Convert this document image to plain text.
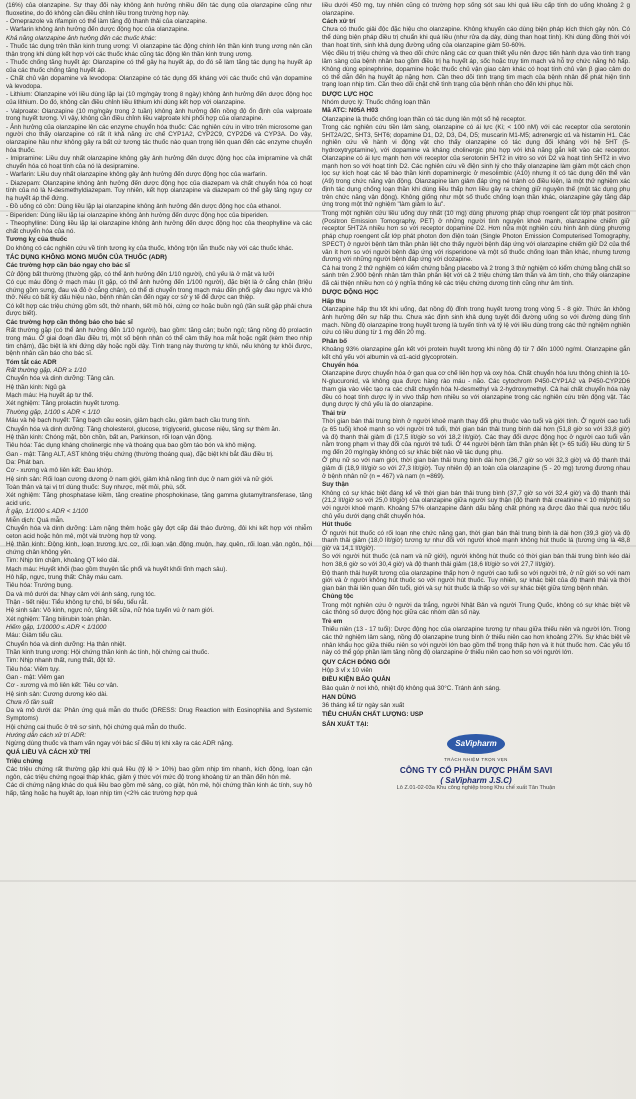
(16%) của olanzapine. Sự thay đổi này không ảnh hưởng nhiều đến tác dụng của olanzapine cũng như fluoxetine, do đó không cần điều chỉnh liều trong trường hợp này.

- Omeprazole và rifampin có thể làm tăng độ thanh thải của olanzapine.

- Warfarin không ảnh hưởng đến dược động học của olanzapine.

Khả năng olanzapine ảnh hưởng đến các thuốc khác:

- Thuốc tác dụng trên thần kinh trung ương: Vì olanzapine tác động chính lên thần kinh trung ương nên cần thận trọng khi dùng kết hợp với các thuốc khác cũng tác động lên thần kinh trung ương.

- Thuốc chống tăng huyết áp: Olanzapine có thể gây hạ huyết áp, do đó sẽ làm tăng tác dụng hạ huyết áp của các thuốc chống tăng huyết áp.

- Chất chủ vận dopamine và levodopa: Olanzapine có tác dụng đối kháng với các thuốc chủ vận dopamine và levodopa.

- Lithium: Olanzapine với liều dùng lặp lại (10 mg/ngày trong 8 ngày) không ảnh hưởng đến dược động học của lithium. Do đó, không cần điều chỉnh liều lithium khi dùng kết hợp với olanzapine.

- Valproate: Olanzapine (10 mg/ngày trong 2 tuần) không ảnh hưởng đến nồng độ ổn định của valproate trong huyết tương. Vì vậy, không cần điều chỉnh liều valproate khi phối hợp của olanzapine.

- Ảnh hưởng của olanzapine lên các enzyme chuyển hóa thuốc: Các nghiên cứu in vitro trên microsome gan người cho thấy olanzapine có rất ít khả năng ức chế CYP1A2, CYP2C9, CYP2D6 và CYP3A. Do vậy, olanzapine hầu như không gây ra bất cứ tương tác thuốc nào quan trọng liên quan đến các enzyme chuyển hóa thuốc.

- Imipramine: Liều duy nhất olanzapine không gây ảnh hưởng đến dược động học của imipramine và chất chuyển hóa có hoạt tính của nó là desipramine.

- Warfarin: Liều duy nhất olanzapine không gây ảnh hưởng đến dược động học của warfarin.

- Diazepam: Olanzapine không ảnh hưởng đến dược động học của diazepam và chất chuyển hóa có hoạt tính của nó là N-desmethyldiazepam. Tuy nhiên, kết hợp olanzapine và diazepam có thể gây tăng nguy cơ hạ huyết áp thế đứng.

- Đồ uống có cồn: Dùng liều lặp lại olanzapine không ảnh hưởng đến dược động học của ethanol.

- Biperiden: Dùng liều lặp lại olanzapine không ảnh hưởng đến dược động học của biperiden.

- Theophylline: Dùng liều lặp lại olanzapine không ảnh hưởng đến dược động học của theophylline và các chất chuyển hóa của nó.

Tương kỵ của thuốc

Do không có các nghiên cứu về tính tương kỵ của thuốc, không trộn lẫn thuốc này với các thuốc khác.

TÁC DỤNG KHÔNG MONG MUỐN CỦA THUỐC (ADR)

Các trường hợp cần báo ngay cho bác sĩ

Cử động bất thường (thường gặp, có thể ảnh hưởng đến 1/10 người), chủ yếu là ở mặt và lưỡi

Có cục máu đông ở mạch máu (ít gặp, có thể ảnh hưởng đến 1/100 người), đặc biệt là ở cẳng chân (triệu chứng gồm sưng, đau và đỏ ở cẳng chân), có thể di chuyển trong mạch máu đến phổi gây đau ngực và khó thở. Nếu có bất kỳ dấu hiệu nào, bệnh nhân cần đến ngay cơ sở y tế để được can thiệp.

Có kết hợp các triệu chứng gồm sốt, thở nhanh, tiết mồ hôi, cứng cơ hoặc buồn ngủ (tần suất gặp phải chưa được biết).

Các trường hợp cần thông báo cho bác sĩ

Rất thường gặp (có thể ảnh hưởng đến 1/10 người), bao gồm: tăng cân; buồn ngủ; tăng nồng độ prolactin trong máu. Ở giai đoạn đầu điều trị, một số bệnh nhân có thể cảm thấy hoa mắt hoặc ngất (kèm theo nhịp tim chậm), đặc biệt là khi đứng dậy hoặc ngồi dậy. Tình trạng này thường tự khỏi, nếu không tự khỏi được, bệnh nhân cần báo cho bác sĩ.

Tóm tắt các ADR

Rất thường gặp, ADR ≥ 1/10

Chuyển hóa và dinh dưỡng: Tăng cân.

Hệ thần kinh: Ngủ gà

Mạch máu: Hạ huyết áp tư thế.

Xét nghiệm: Tăng prolactin huyết tương.

Thường gặp, 1/100 ≤ ADR < 1/10

Máu và hệ bạch huyết: Tăng bạch cầu eosin, giảm bạch cầu, giảm bạch cầu trung tính.

Chuyển hóa và dinh dưỡng: Tăng cholesterol, glucose, triglycerid, glucose niệu, tăng sự thèm ăn.

Hệ thần kinh: Chóng mặt, bồn chồn, bất an, Parkinson, rối loạn vận động.

Tiêu hóa: Tác dụng kháng cholinergic nhẹ và thoáng qua bao gồm táo bón và khô miệng.

Gan - mật: Tăng ALT, AST không triệu chứng (thường thoáng qua), đặc biệt khi bắt đầu điều trị.

Da: Phát ban.

Cơ - xương và mô liên kết: Đau khớp.

Hệ sinh sản: Rối loạn cương dương ở nam giới, giảm khả năng tình dục ở nam giới và nữ giới.

Toàn thân và tại vị trí dùng thuốc: Suy nhược, mệt mỏi, phù, sốt.

Xét nghiệm: Tăng phosphatase kiềm, tăng creatine phosphokinase, tăng gamma glutamyltransferase, tăng acid uric.

Ít gặp, 1/1000 ≤ ADR < 1/100

Miễn dịch: Quá mẫn.

Chuyển hóa và dinh dưỡng: Làm nặng thêm hoặc gây đợt cấp đái tháo đường, đôi khi kết hợp với nhiễm ceton acid hoặc hôn mê, một vài trường hợp tử vong.

Hệ thần kinh: Động kinh, loạn trương lực cơ, rối loạn vận động muộn, hay quên, rối loạn vận ngôn, hội chứng chân không yên.

Tim: Nhịp tim chậm, khoảng QT kéo dài.

Mạch máu: Huyết khối (bao gồm thuyên tắc phổi và huyết khối tĩnh mạch sâu).

Hô hấp, ngực, trung thất: Chảy máu cam.

Tiêu hóa: Trướng bụng.

Da và mô dưới da: Nhạy cảm với ánh sáng, rụng tóc.

Thận - tiết niệu: Tiểu không tự chủ, bí tiểu, tiểu rắt.

Hệ sinh sản: Vô kinh, ngực nở, tăng tiết sữa, nữ hóa tuyến vú ở nam giới.

Xét nghiệm: Tăng bilirubin toàn phần.

Hiếm gặp, 1/10000 ≤ ADR < 1/1000

Máu: Giảm tiểu cầu.

Chuyển hóa và dinh dưỡng: Hạ thân nhiệt.

Thần kinh trung ương: Hội chứng thần kinh ác tính, hội chứng cai thuốc.

Tim: Nhịp nhanh thất, rung thất, đột tử.

Tiêu hóa: Viêm tụy.

Gan - mật: Viêm gan

Cơ - xương và mô liên kết: Tiêu cơ vân.

Hệ sinh sản: Cương dương kéo dài.

Chưa rõ tần suất

Da và mô dưới da: Phản ứng quá mẫn do thuốc (DRESS: Drug Reaction with Eosinophilia and Systemic Symptoms)

Hội chứng cai thuốc ở trẻ sơ sinh, hội chứng quá mẫn do thuốc.

Hướng dẫn cách xử trí ADR:

Ngừng dùng thuốc và tham vấn ngay với bác sĩ điều trị khi xảy ra các ADR nặng.

QUÁ LIỀU VÀ CÁCH XỬ TRÍ

Triệu chứng

Các triệu chứng rất thường gặp khi quá liều (tỷ lệ > 10%) bao gồm nhịp tim nhanh, kích động, loạn cận ngôn, các triệu chứng ngoại tháp khác, giảm ý thức với mức độ trong khoảng từ an thần đến hôn mê.

Các di chứng nặng khác do quá liều bao gồm mê sảng, co giật, hôn mê, hội chứng thần kinh ác tính, suy hô hấp, tăng hoặc hạ huyết áp, loạn nhịp tim (<2% các trường hợp quá

liều dưới 450 mg, tuy nhiên cũng có trường hợp sống sót sau khi quá liều cấp tính do uống khoảng 2 g olanzapine.

Cách xử trí

Chưa có thuốc giải độc đặc hiệu cho olanzapine. Không khuyến cáo dùng biện pháp kích thích gây nôn. Có thể dùng biện pháp điều trị chuẩn khi quá liều (như rửa dạ dày, dùng than hoạt tính). Khi dùng đồng thời với than hoạt tính, sinh khả dụng đường uống của olanzapine giảm 50-60%.

Việc điều trị triệu chứng và theo dõi chức năng các cơ quan thiết yếu nên được tiến hành dựa vào tình trạng lâm sàng của bệnh nhân bao gồm điều trị hạ huyết áp, sốc hoặc trụy tim mạch và hỗ trợ chức năng hô hấp. Không dùng epinephrine, dopamine hoặc thuốc chủ vận giao cảm khác có hoạt tính chủ vận β giao cảm do có thể dẫn đến hạ huyết áp nặng hơn. Cần theo dõi tình trạng tim mạch của bệnh nhân để phát hiện tình trạng loạn nhịp tim. Cần theo dõi chặt chẽ tình trạng của bệnh nhân cho đến khi phục hồi.

DƯỢC LỰC HỌC

Nhóm dược lý: Thuốc chống loạn thần

Mã ATC: N05A H03

Olanzapine là thuốc chống loạn thần có tác dụng lên một số hệ receptor.

Trong các nghiên cứu tiền lâm sàng, olanzapine có ái lực (Ki; < 100 nM) với các receptor của serotonin 5HT2A/2C, 5HT3, 5HT6; dopamine D1, D2, D3, D4, D5; muscarin M1-M5; adrenergic α1 và histamin H1. Các nghiên cứu về hành vi động vật cho thấy olanzapine có tác dụng đối kháng với hệ 5HT (5-hydroxytryptamine), với dopamine và kháng cholinergic phù hợp với khả năng gắn kết vào các receptor. Olanzapine có ái lực mạnh hơn với receptor của serotonin 5HT2 in vitro so với D2 và hoạt tính 5HT2 in vivo mạnh hơn so với hoạt tính D2. Các nghiên cứu về điện sinh lý cho thấy olanzapine làm giảm một cách chọn lọc sự kích hoạt các tế bào thần kinh dopaminergic ở mesolimbic (A10) nhưng ít có tác dụng đến thể vân (A9) trong chức năng vận động. Olanzapine làm giảm đáp ứng né tránh có điều kiện, là một thử nghiệm xác định tác dụng chống loạn thần khi dùng liều thấp hơn liều gây ra chứng giữ nguyên thế (một tác dụng phụ trên chức năng vận động). Không giống như một số thuốc chống loạn thần khác, olanzapine gây tăng đáp ứng trong một thử nghiệm "làm giảm lo âu".

Trong một nghiên cứu liều uống duy nhất (10 mg) dùng phương pháp chụp roengent cắt lớp phát positron (Positron Emission Tomography, PET) ở những người tình nguyện khoẻ mạnh, olanzapine chiếm giữ receptor 5HT2A nhiều hơn so với receptor dopamine D2. Hơn nữa một nghiên cứu hình ảnh dùng phương pháp chụp roengent cắt lớp phát photon đơn điện toán (Single Photon Emission Computerised Tomography, SPECT) ở người bệnh tâm thần phân liệt cho thấy người bệnh đáp ứng với olanzapine chiếm giữ D2 của thể vân ít hơn so với người bệnh đáp ứng với risperidone và một số thuốc chống loạn thần khác, nhưng tương đương với những người bệnh đáp ứng với clozapine.

Cả hai trong 2 thử nghiệm có kiểm chứng bằng placebo và 2 trong 3 thử nghiệm có kiểm chứng bằng chất so sánh trên 2.900 bệnh nhân tâm thần phân liệt với cả 2 triệu chứng tâm thần và âm tính, cho thấy olanzapine đã cải thiện nhiều hơn có ý nghĩa thống kê các triệu chứng dương tính cũng như âm tính.

DƯỢC ĐỘNG HỌC

Hấp thu

Olanzapine hấp thu tốt khi uống, đạt nồng độ đỉnh trong huyết tương trong vòng 5 - 8 giờ. Thức ăn không ảnh hưởng đến sự hấp thu. Chưa xác định sinh khả dụng tuyệt đối đường uống so với đường dùng tĩnh mạch. Nồng độ olanzapine trong huyết tương là tuyến tính và tỷ lệ với liều dùng trong các thử nghiệm nghiên cứu có liều dùng từ 1 mg đến 20 mg.

Phân bố

Khoảng 93% olanzapine gắn kết với protein huyết tương khi nồng độ từ 7 đến 1000 ng/ml. Olanzapine gắn kết chủ yếu với albumin và α1-acid glycoprotein.

Chuyển hóa

Olanzapine được chuyển hóa ở gan qua cơ chế liên hợp và oxy hóa. Chất chuyển hóa lưu thông chính là 10-N-glucuronid, và không qua được hàng rào máu - não. Các cytochrom P450-CYP1A2 và P450-CYP2D6 tham gia vào việc tạo ra các chất chuyển hóa N-desmethyl và 2-hydroxymethyl. Cả hai chất chuyển hóa này đều có hoạt tính dược lý in vivo thấp hơn nhiều so với olanzapine trong các nghiên cứu trên động vật. Tác dụng dược lý chủ yếu là do olanzapine.

Thải trừ

Thời gian bán thải trung bình ở người khoẻ mạnh thay đổi phụ thuộc vào tuổi và giới tính. Ở người cao tuổi (≥ 65 tuổi) khoẻ mạnh so với người trẻ tuổi, thời gian bán thải trung bình dài hơn (51,8 giờ so với 33,8 giờ) và độ thanh thải giảm đi (17,5 lít/giờ so với 18,2 lít/giờ). Các thay đổi dược động học ở người cao tuổi vẫn nằm trong phạm vi thay đổi của người trẻ tuổi. Ở 44 người bệnh tâm thần phân liệt (> 65 tuổi) liều dùng từ 5 mg đến 20 mg/ngày không có sự khác biệt nào về tác dụng phụ.

Ở phụ nữ so với nam giới, thời gian bán thải trung bình dài hơn (36,7 giờ so với 32,3 giờ) và độ thanh thải giảm đi (18,9 lít/giờ so với 27,3 lít/giờ). Tuy nhiên độ an toàn của olanzapine (5 - 20 mg) tương đương nhau ở bệnh nhân nữ (n = 467) và nam (n =869).

Suy thận

Không có sự khác biệt đáng kể về thời gian bán thải trung bình (37,7 giờ so với 32,4 giờ) và độ thanh thải (21,2 lít/giờ so với 25,0 lít/giờ) của olanzapine giữa người suy thận (độ thanh thải creatinine < 10 ml/phút) so với người khoẻ mạnh. Khoảng 57% olanzapine đánh dấu bằng chất phóng xạ được đào thải qua nước tiểu chủ yếu dưới dạng chất chuyển hóa.

Hút thuốc

Ở người hút thuốc có rối loạn nhẹ chức năng gan, thời gian bán thải trung bình là dài hơn (39,3 giờ) và độ thanh thải giảm (18,0 lít/giờ) tương tự như đối với người khoẻ mạnh không hút thuốc lá (tương ứng là 48,8 giờ và 14,1 lít/giờ).

So với người hút thuốc (cả nam và nữ giới), người không hút thuốc có thời gian bán thải trung bình kéo dài hơn 38,6 giờ so với 30,4 giờ) và độ thanh thải giảm (18,6 lít/giờ so với 27,7 lít/giờ).

Độ thanh thải huyết tương của olanzapine thấp hơn ở người cao tuổi so với người trẻ, ở nữ giới so với nam giới và ở người không hút thuốc so với người hút thuốc. Tuy nhiên, sự khác biệt của độ thanh thải và thời gian bán thải liên quan đến tuổi, giới và sự hút thuốc là thấp so với sự khác biệt giữa từng bệnh nhân.

Chủng tộc

Trong một nghiên cứu ở người da trắng, người Nhật Bản và người Trung Quốc, không có sự khác biệt về các thông số dược động học giữa các nhóm dân số này.

Trẻ em

Thiếu niên (13 - 17 tuổi): Dược động học của olanzapine tương tự nhau giữa thiếu niên và người lớn. Trong các thử nghiệm lâm sàng, nồng độ olanzapine trung bình ở thiếu niên cao hơn khoảng 27%. Sự khác biệt về nhân khẩu học giữa thiếu niên so với người lớn bao gồm thể trọng thấp hơn và ít hút thuốc hơn. Các yếu tố này có thể góp phần làm tăng nồng độ olanzapine ở thiếu niên cao hơn so với người lớn.

QUY CÁCH ĐÓNG GÓI

Hộp 3 vỉ x 10 viên

ĐIỀU KIỆN BẢO QUẢN

Bảo quản ở nơi khô, nhiệt độ không quá 30°C. Tránh ánh sáng.

HẠN DÙNG

36 tháng kể từ ngày sản xuất

TIÊU CHUẨN CHẤT LƯỢNG: USP

SẢN XUẤT TẠI:

SaVipharm
TRÁCH NHIỆM TRỌN VẸN
CÔNG TY CỔ PHẦN DƯỢC PHẨM SAVI
( SaVipharm J.S.C)
Lô Z.01-02-03a Khu công nghiệp trong Khu chế xuất Tân Thuận
